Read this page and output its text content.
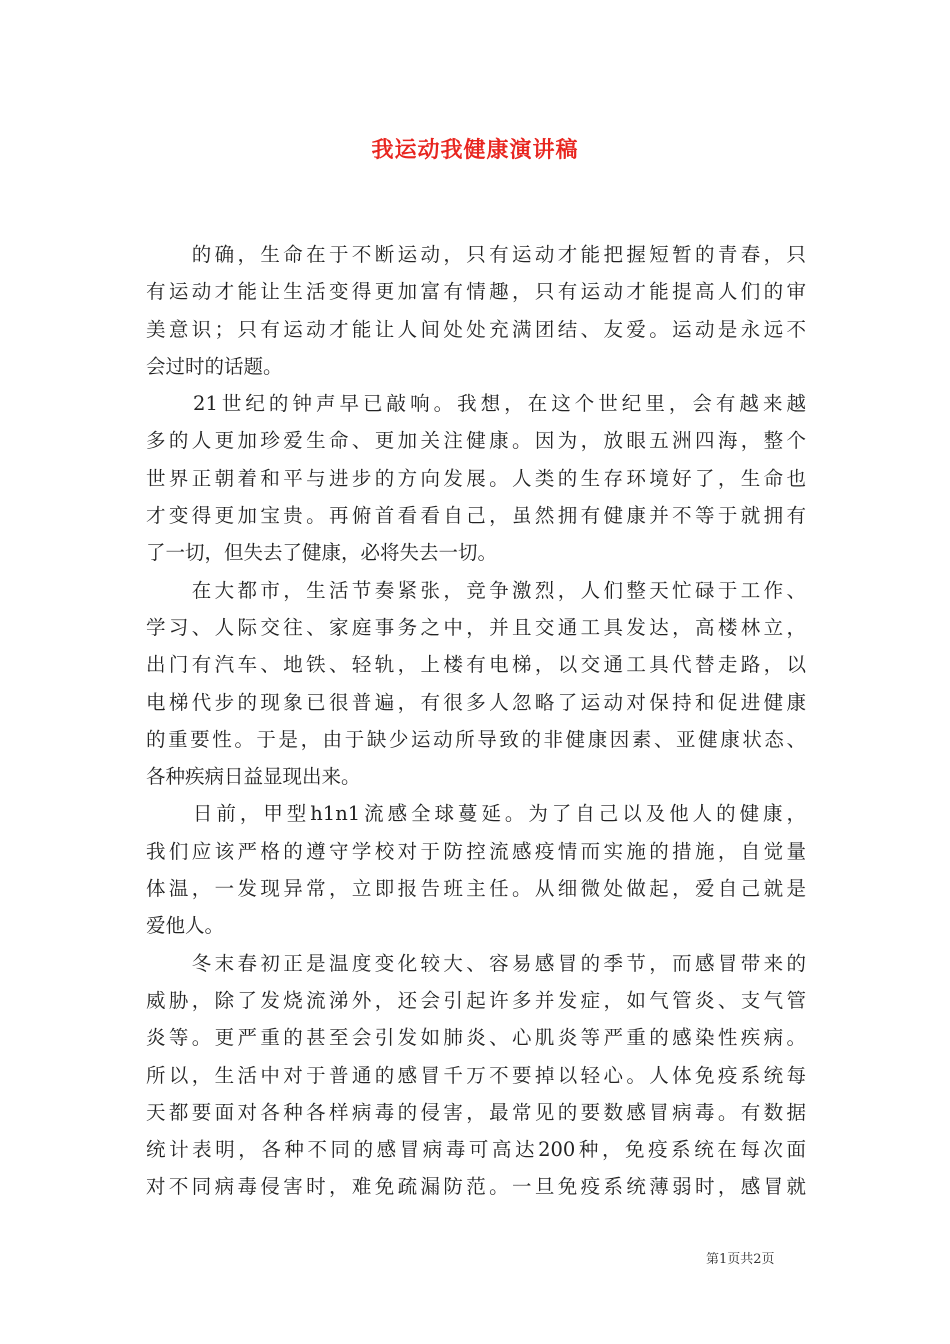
我运动我健康演讲稿
　　的确，生命在于不断运动，只有运动才能把握短暂的青春，只
有运动才能让生活变得更加富有情趣，只有运动才能提高人们的审
美意识；只有运动才能让人间处处充满团结、友爱。运动是永远不
会过时的话题。
　　21世纪的钟声早已敲响。我想，在这个世纪里，会有越来越
多的人更加珍爱生命、更加关注健康。因为，放眼五洲四海，整个
世界正朝着和平与进步的方向发展。人类的生存环境好了，生命也
才变得更加宝贵。再俯首看看自己，虽然拥有健康并不等于就拥有
了一切，但失去了健康，必将失去一切。
　　在大都市，生活节奏紧张，竞争激烈，人们整天忙碌于工作、
学习、人际交往、家庭事务之中，并且交通工具发达，高楼林立，
出门有汽车、地铁、轻轨，上楼有电梯，以交通工具代替走路，以
电梯代步的现象已很普遍，有很多人忽略了运动对保持和促进健康
的重要性。于是，由于缺少运动所导致的非健康因素、亚健康状态、
各种疾病日益显现出来。
　　日前，甲型h1n1流感全球蔓延。为了自己以及他人的健康，
我们应该严格的遵守学校对于防控流感疫情而实施的措施，自觉量
体温，一发现异常，立即报告班主任。从细微处做起，爱自己就是
爱他人。
　　冬末春初正是温度变化较大、容易感冒的季节，而感冒带来的
威胁，除了发烧流涕外，还会引起许多并发症，如气管炎、支气管
炎等。更严重的甚至会引发如肺炎、心肌炎等严重的感染性疾病。
所以，生活中对于普通的感冒千万不要掉以轻心。人体免疫系统每
天都要面对各种各样病毒的侵害，最常见的要数感冒病毒。有数据
统计表明，各种不同的感冒病毒可高达200种，免疫系统在每次面
对不同病毒侵害时，难免疏漏防范。一旦免疫系统薄弱时，感冒就
第1页共2页
